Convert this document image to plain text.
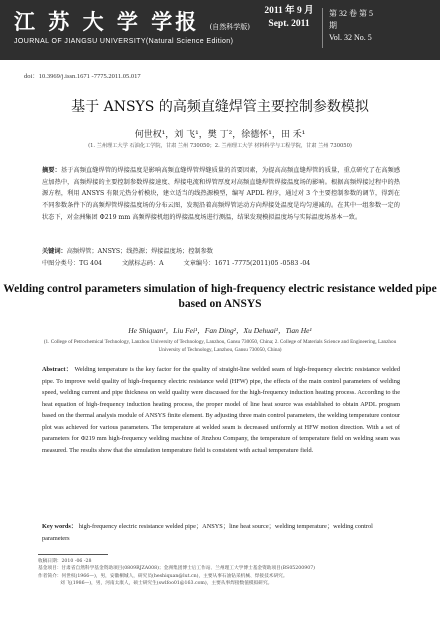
江 苏 大 学 学报 (自然科学版)
JOURNAL OF JIANGSU UNIVERSITY(Natural Science Edition)
2011 年 9 月
Sept. 2011
第 32 卷 第 5 期
Vol. 32 No. 5
doi：10.3969/j.issn.1671 -7775.2011.05.017
基于 ANSYS 的高频直缝焊管主要控制参数模拟
何世权¹，刘 飞¹，樊 丁²，徐德怀¹，田 禾¹
(1. 兰州理工大学 石油化工学院，甘肃 兰州 730050；2. 兰州理工大学 材料科学与工程学院，甘肃 兰州 730050)
摘要：基于高频直缝焊管的焊接温度是影响高频直缝焊管焊缝质量的首要因素，为提高高频直缝焊管的质量，重点研究了在高频感应加热中，高频焊接的主要控制参数焊接速度、焊接电流和焊管厚度对高频直缝焊管焊接温度场的影响。根据高频焊接过程中的热源方程，利用 ANSYS 有限元热分析模块，建立适当的线热源模型，编写 APDL 程序，通过对 3 个主要控制参数的调节，得到在不同参数条件下的高频焊管焊接温度场的分布云图，发现沿着高频焊管运动方向焊接处温度是均匀递减的。在其中一组参数一定的状态下，对金洲集团 Φ219 mm 高频焊接机组的焊接温度场进行测温，结果发现模拟温度场与实际温度场基本一致。
关键词：高频焊管；ANSYS；线热源；焊接温度场；控制参数
中图分类号：TG 404	文献标志码：A	文章编号：1671 -7775(2011)05 -0583 -04
Welding control parameters simulation of high-frequency electric resistance welded pipe based on ANSYS
He Shiquan¹，Liu Fei¹，Fan Ding²，Xu Dehuai¹，Tian He¹
(1. College of Petrochemical Technology, Lanzhou University of Technology, Lanzhou, Gansu 730050, China; 2. College of Materials Science and Engineering, Lanzhou University of Technology, Lanzhou, Gansu 730050, China)
Abstract： Welding temperature is the key factor for the quality of straight-line welded seam of high-frequency electric resistance welded pipe. To improve weld quality of high-frequency electric resistance weld (HFW) pipe, the effects of the main control parameters of welding speed, welding current and pipe thickness on weld quality were discussed for the high-frequency induction heating process. According to the heat equation of high-frequency induction heating process, the proper model of line heat source was established to obtain APDL program based on the thermal analysis module of ANSYS finite element. By adjusting three main control parameters, the welding temperature contour plot was achieved for various parameters. The temperature at welded seam is decreased uniformly at HFW motion direction. With a set of parameters for Φ219 mm high-frequency welding machine of Jinzhou Company, the temperature of temperature field on welding seam was measured. The results show that the simulation temperature field is consistent with actual temperature field.
Key words： high-frequency electric resistance welded pipe；ANSYS；line heat source；welding temperature；welding control parameters
收稿日期：2010 -06 -28
基金项目：甘肃省自然科学基金资助项目(0809RJZA008)；金洲集团博士后工作站、兰州理工大学博士基金资助项目(BS05200907)
作者简介：何世权(1966—)，男，安徽桐城人，研究员(heshiquan@lut.cn)，主要从事石油钻采机械、焊接技术研究。
刘 飞(1986—)，男，河南太康人，硕士研究生(swlfoo01@163.com)，主要从事焊接数值模拟研究。
